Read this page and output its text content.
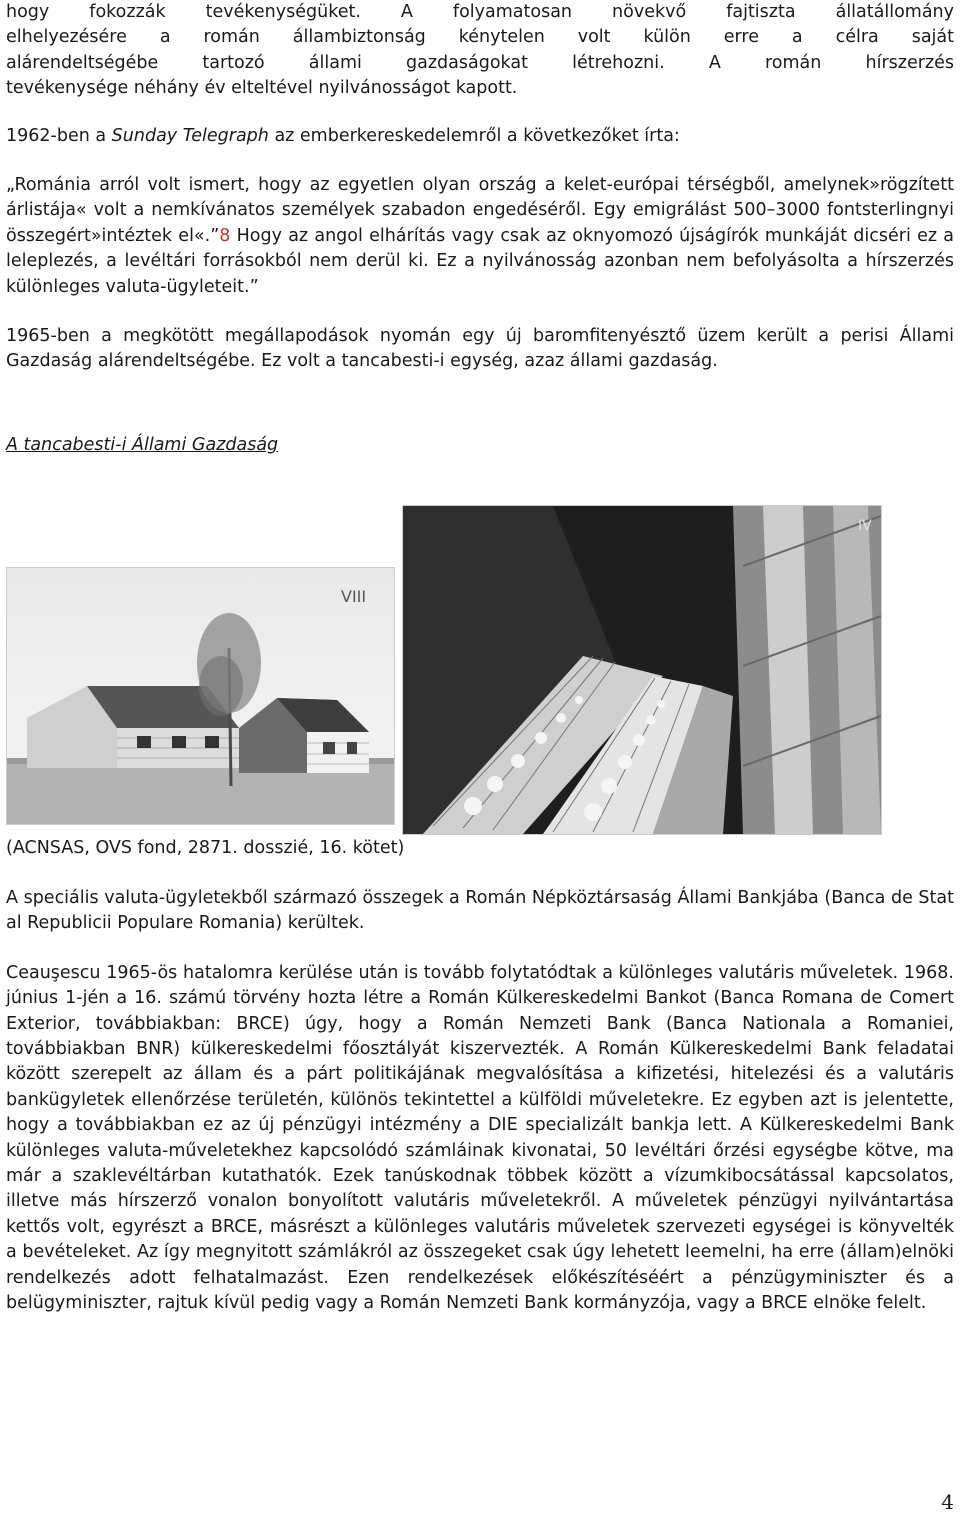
hogy fokozzák tevékenységüket. A folyamatosan növekvő fajtiszta állatállomány

elhelyezésére a román állambiztonság kénytelen volt külön erre a célra saját

alárendeltségébe tartozó állami gazdaságokat létrehozni. A román hírszerzés

tevékenysége néhány év elteltével nyilvánosságot kapott.

1962-ben a Sunday Telegraph az emberkereskedelemről a következőket írta:

„Románia arról volt ismert, hogy az egyetlen olyan ország a kelet-európai térségből, amelynek»rögzített árlistája« volt a nemkívánatos személyek szabadon engedéséről. Egy emigrálást 500–3000 fontsterlingnyi összegért»intéztek el«.”8 Hogy az angol elhárítás vagy csak az oknyomozó újságírók munkáját dicséri ez a leleplezés, a levéltári forrásokból nem derül ki. Ez a nyilvánosság azonban nem befolyásolta a hírszerzés különleges valuta-ügyleteit.”

1965-ben a megkötött megállapodások nyomán egy új baromfitenyésztő üzem került a perisi Állami Gazdaság alárendeltségébe. Ez volt a tancabesti-i egység, azaz állami gazdaság.

A tancabesti-i Állami Gazdaság
VIII
IV
(ACNSAS, OVS fond, 2871. dosszié, 16. kötet)

A speciális valuta-ügyletekből származó összegek a Román Népköztársaság Állami Bankjába (Banca de Stat al Republicii Populare Romania) kerültek.

Ceauşescu 1965-ös hatalomra kerülése után is tovább folytatódtak a különleges valutáris műveletek. 1968. június 1-jén a 16. számú törvény hozta létre a Román Külkereskedelmi Bankot (Banca Romana de Comert Exterior, továbbiakban: BRCE) úgy, hogy a Román Nemzeti Bank (Banca Nationala a Romaniei, továbbiakban BNR) külkereskedelmi főosztályát kiszervezték. A Román Külkereskedelmi Bank feladatai között szerepelt az állam és a párt politikájának megvalósítása a kifizetési, hitelezési és a valutáris bankügyletek ellenőrzése területén, különös tekintettel a külföldi műveletekre. Ez egyben azt is jelentette, hogy a továbbiakban ez az új pénzügyi intézmény a DIE specializált bankja lett. A Külkereskedelmi Bank különleges valuta-műveletekhez kapcsolódó számláinak kivonatai, 50 levéltári őrzési egységbe kötve, ma már a szaklevéltárban kutathatók. Ezek tanúskodnak többek között a vízumkibocsátással kapcsolatos, illetve más hírszerző vonalon bonyolított valutáris műveletekről. A műveletek pénzügyi nyilvántartása kettős volt, egyrészt a BRCE, másrészt a különleges valutáris műveletek szervezeti egységei is könyvelték a bevételeket. Az így megnyitott számlákról az összegeket csak úgy lehetett leemelni, ha erre (állam)elnöki rendelkezés adott felhatalmazást. Ezen rendelkezések előkészítéséért a pénzügyminiszter és a belügyminiszter, rajtuk kívül pedig vagy a Román Nemzeti Bank kormányzója, vagy a BRCE elnöke felelt.

4
